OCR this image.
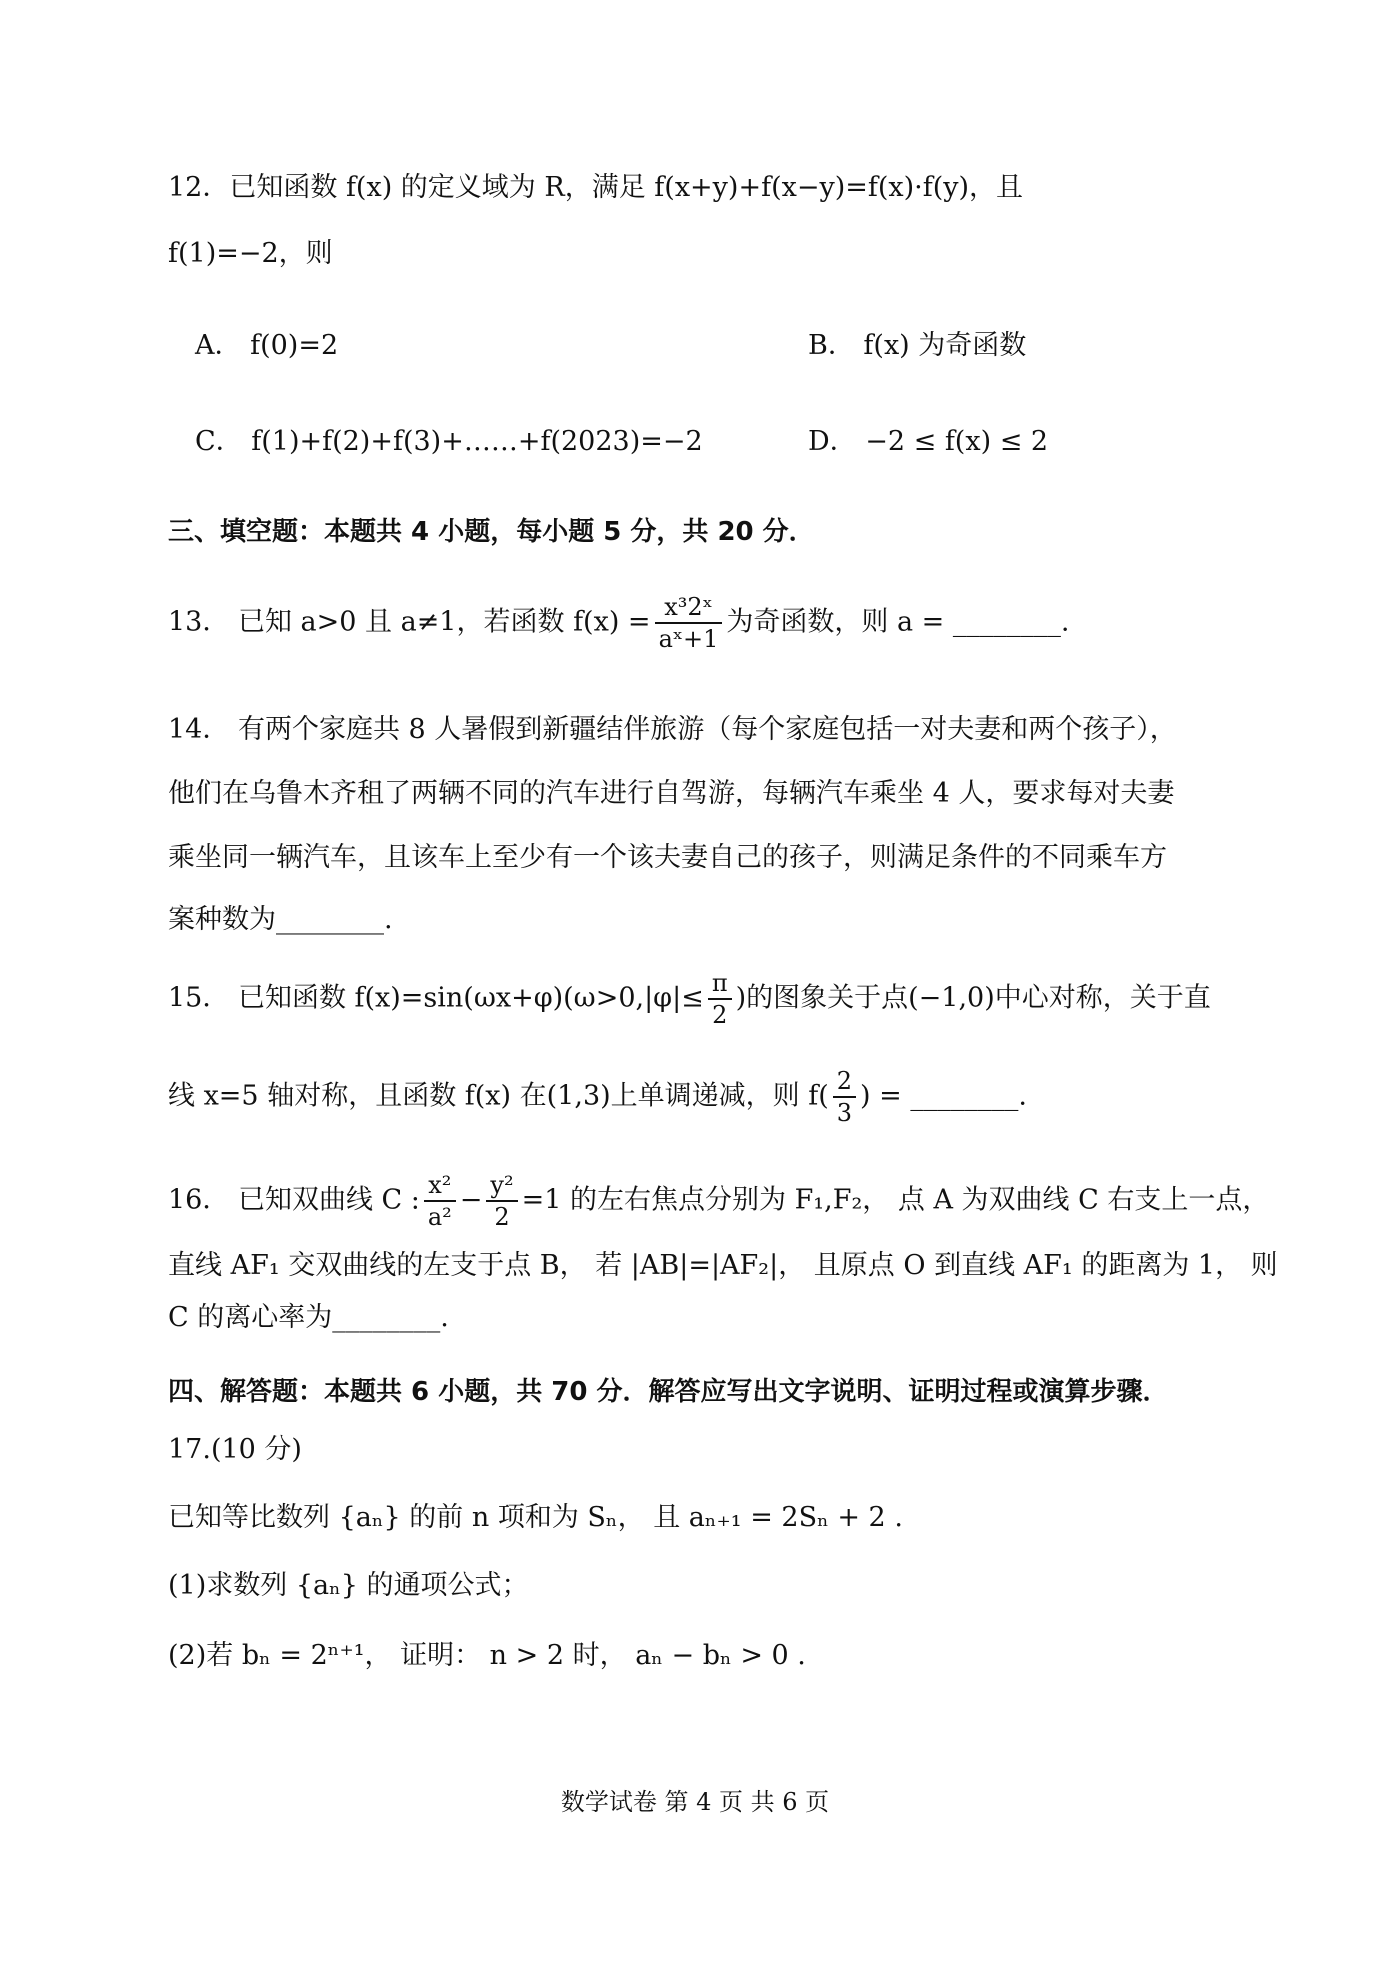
12．已知函数 f(x) 的定义域为 R，满足 f(x+y)+f(x−y)=f(x)·f(y)，且
f(1)=−2，则
A． f(0)=2	B． f(x) 为奇函数
C． f(1)+f(2)+f(3)+……+f(2023)=−2	D． −2 ≤ f(x) ≤ 2
三、填空题：本题共 4 小题，每小题 5 分，共 20 分．
13． 已知 a>0 且 a≠1，若函数 $f(x) = \frac{\text{x³2ˣ}}{\text{aˣ+1}}$ 为奇函数，则 a = ________.
14． 有两个家庭共 8 人暑假到新疆结伴旅游（每个家庭包括一对夫妻和两个孩子），
他们在乌鲁木齐租了两辆不同的汽车进行自驾游，每辆汽车乘坐 4 人，要求每对夫妻
乘坐同一辆汽车，且该车上至少有一个该夫妻自己的孩子，则满足条件的不同乘车方
案种数为________.
15． 已知函数 $f(x)=\sin(\omega x+\varphi)(\omega>0,|\varphi|\le \frac{\pi}{2}$ )的图象关于点(−1,0)中心对称，关于直
线 x=5 轴对称，且函数 f(x) 在(1,3)上单调递减，则 $f( \frac{2}{3}$ ) = ________.
16． 已知双曲线 C : $\frac{\text{x²}}{\text{a²}} - \frac{\text{y²}}{2} =1$ 的左右焦点分别为 F₁,F₂， 点 A 为双曲线 C 右支上一点，
直线 AF₁ 交双曲线的左支于点 B， 若 |AB|=|AF₂|， 且原点 O 到直线 AF₁ 的距离为 1， 则
C 的离心率为________.
四、解答题：本题共 6 小题，共 70 分．解答应写出文字说明、证明过程或演算步骤．
17.(10 分)
已知等比数列 {aₙ} 的前 n 项和为 Sₙ， 且 aₙ₊₁ = 2Sₙ + 2 .
(1)求数列 {aₙ} 的通项公式；
(2)若 bₙ = 2ⁿ⁺¹， 证明： n > 2 时， aₙ − bₙ > 0 .
数学试卷 第 4 页 共 6 页
